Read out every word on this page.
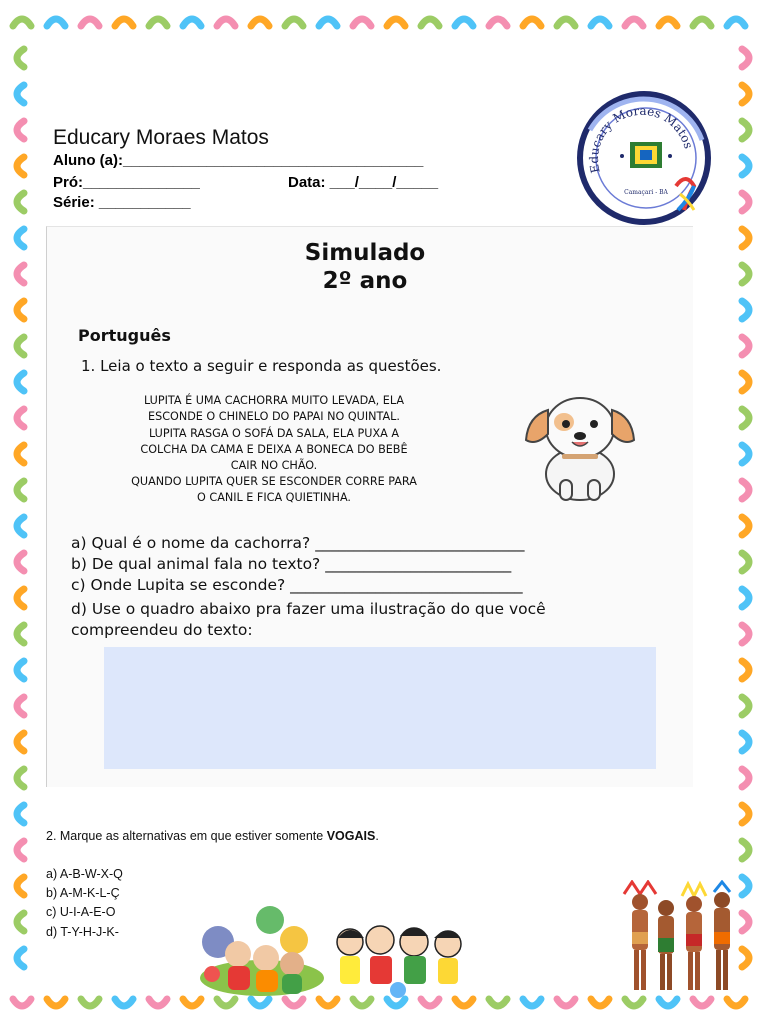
Educary Moraes Matos
Aluno (a):____________________________________
Pró:______________	Data: ___/____/_____
Série: ___________
Educary Moraes Matos
Camaçari - BA
Simulado
2º ano
Português
1. Leia o texto a seguir e responda as questões.
LUPITA É UMA CACHORRA MUITO LEVADA, ELA
ESCONDE O CHINELO DO PAPAI NO QUINTAL.
LUPITA RASGA O SOFÁ DA SALA, ELA PUXA A
COLCHA DA CAMA E DEIXA A BONECA DO BEBÊ
CAIR NO CHÃO.
QUANDO LUPITA QUER SE ESCONDER CORRE PARA
O CANIL E FICA QUIETINHA.
a) Qual é o nome da cachorra? ___________________________
b) De qual animal fala no texto? ________________________
c) Onde Lupita se esconde? ______________________________
d) Use o quadro abaixo pra fazer uma ilustração do que você
compreendeu do texto:
2. Marque as alternativas em que estiver somente VOGAIS.
a) A-B-W-X-Q
b) A-M-K-L-Ç
c) U-I-A-E-O
d) T-Y-H-J-K-
